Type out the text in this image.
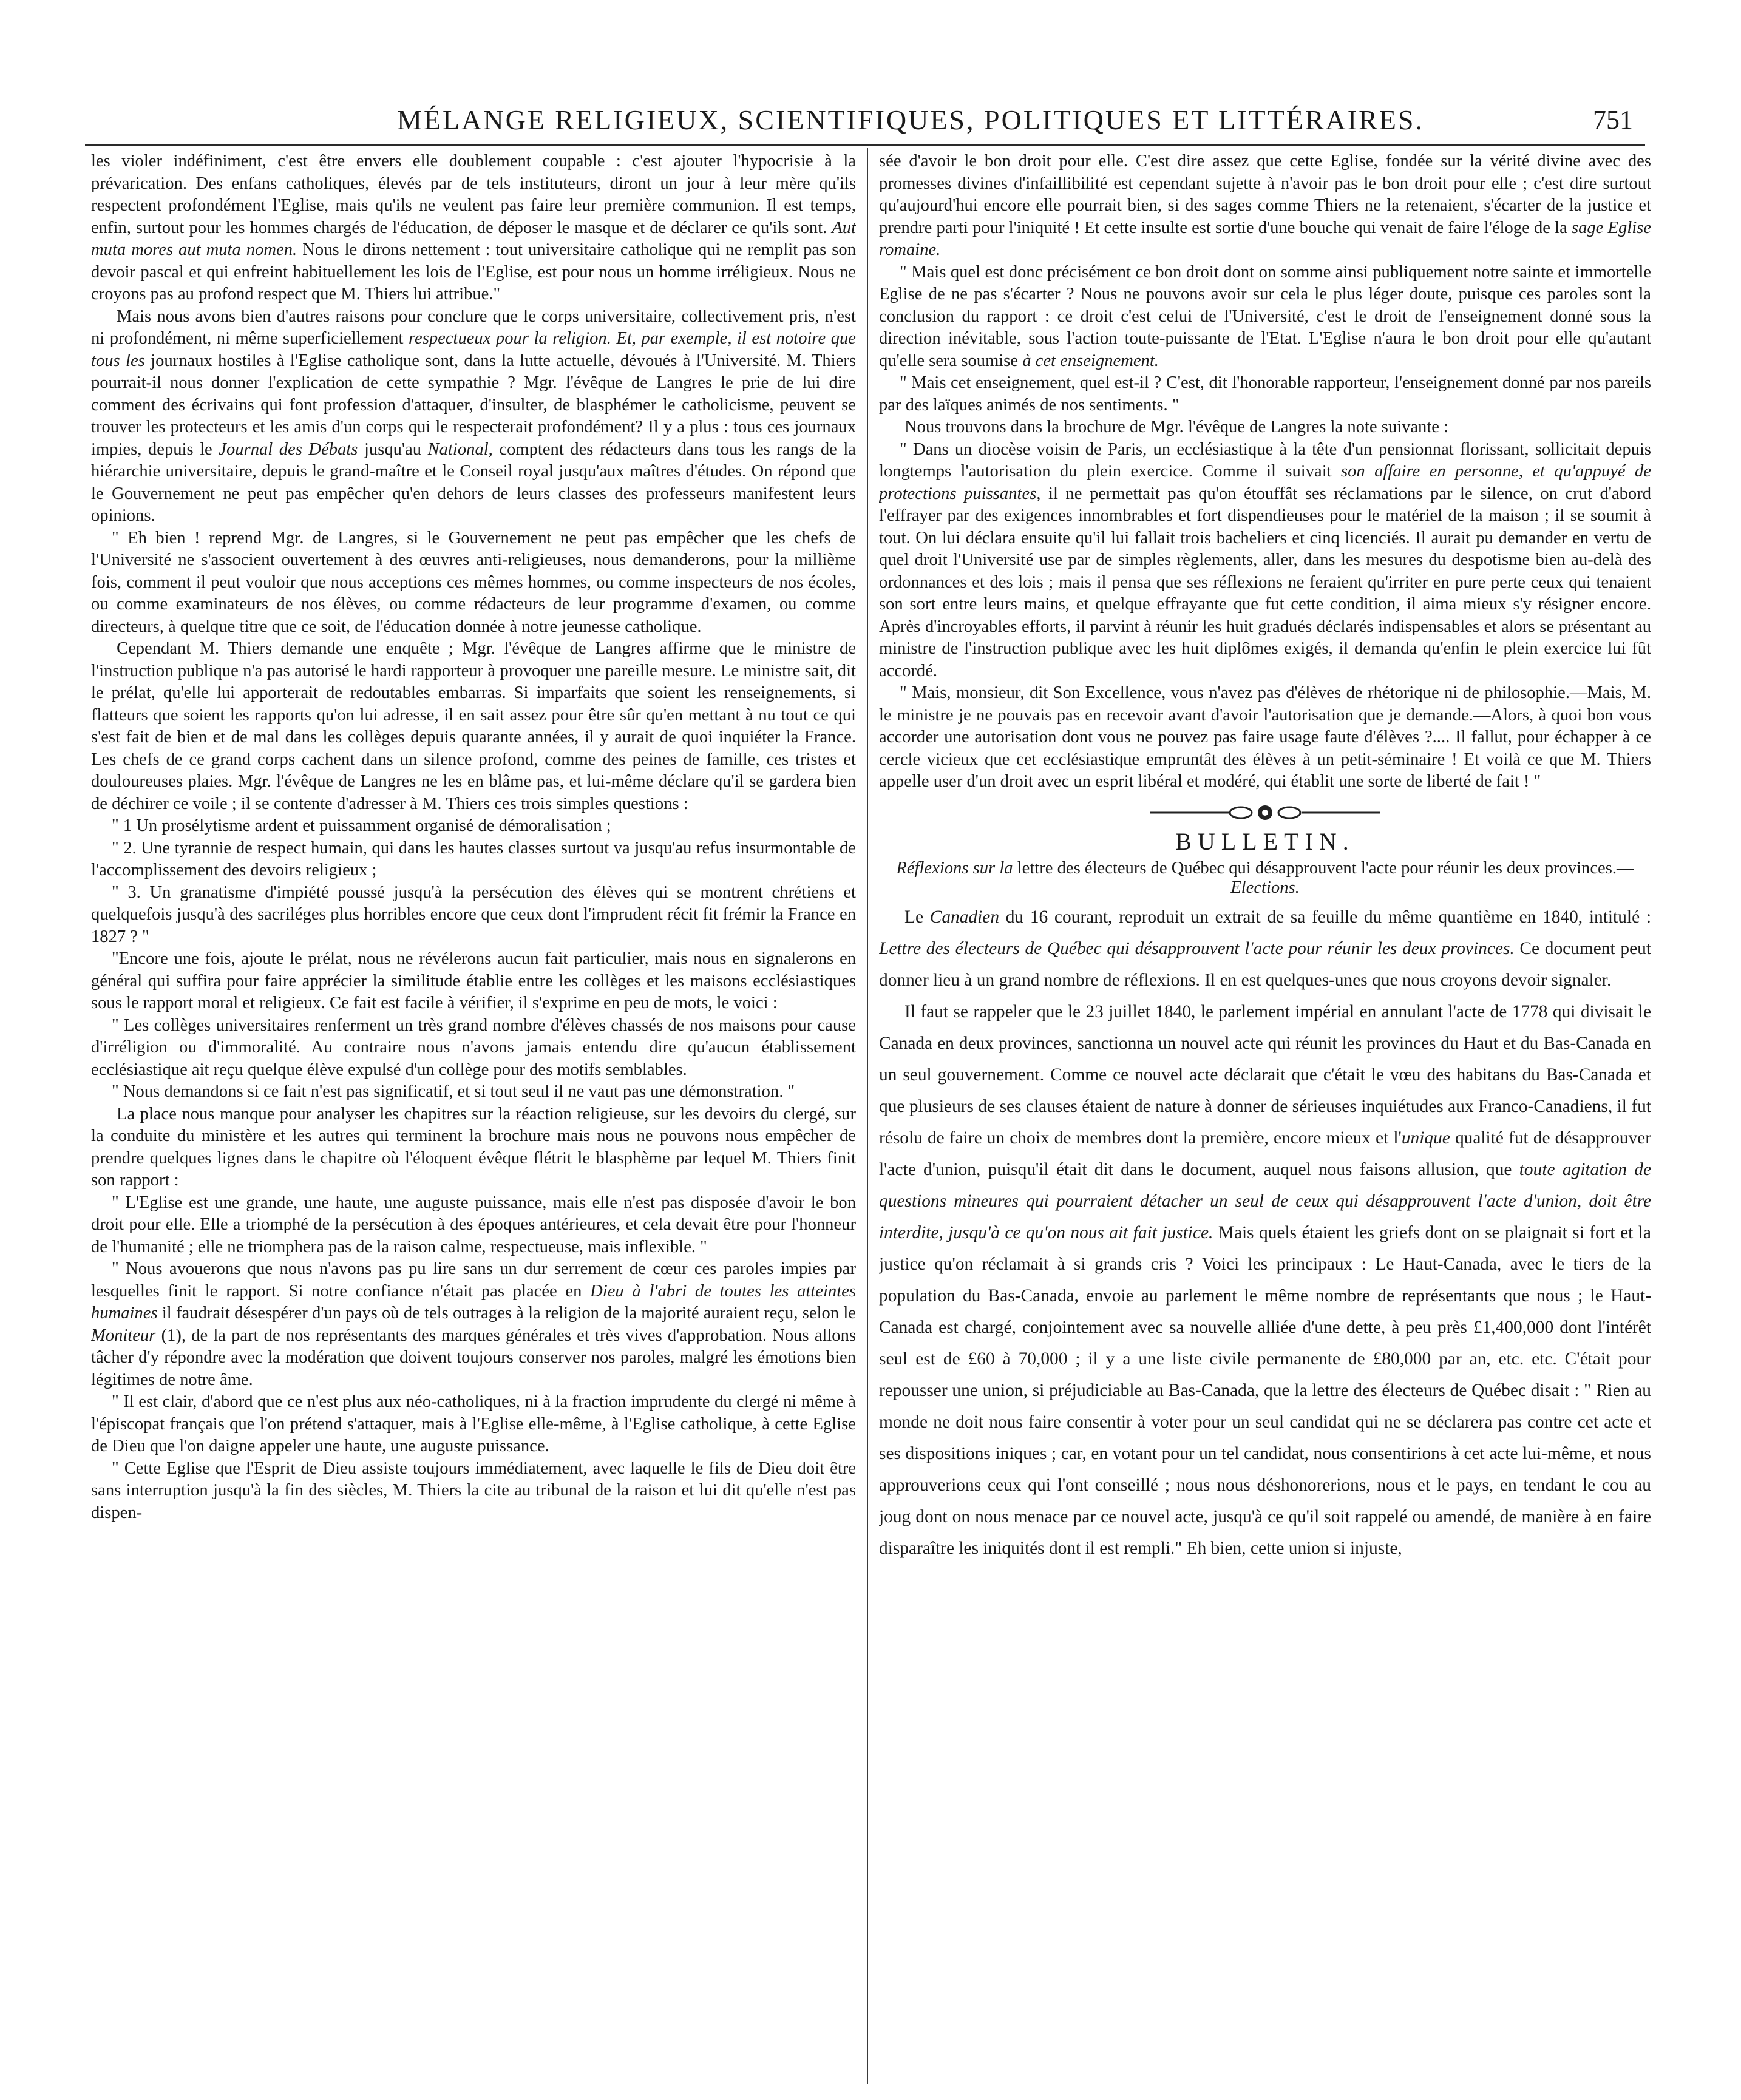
MÉLANGE RELIGIEUX, SCIENTIFIQUES, POLITIQUES ET LITTÉRAIRES.	751

les violer indéfiniment, c'est être envers elle doublement coupable : c'est ajouter l'hypocrisie à la prévarication. Des enfans catholiques, élevés par de tels instituteurs, diront un jour à leur mère qu'ils respectent profondément l'Eglise, mais qu'ils ne veulent pas faire leur première communion. Il est temps, enfin, surtout pour les hommes chargés de l'éducation, de déposer le masque et de déclarer ce qu'ils sont. Aut muta mores aut muta nomen. Nous le dirons nettement : tout universitaire catholique qui ne remplit pas son devoir pascal et qui enfreint habituellement les lois de l'Eglise, est pour nous un homme irréligieux. Nous ne croyons pas au profond respect que M. Thiers lui attribue."

Mais nous avons bien d'autres raisons pour conclure que le corps universitaire, collectivement pris, n'est ni profondément, ni même superficiellement respectueux pour la religion. Et, par exemple, il est notoire que tous les journaux hostiles à l'Eglise catholique sont, dans la lutte actuelle, dévoués à l'Université. M. Thiers pourrait-il nous donner l'explication de cette sympathie ? Mgr. l'évêque de Langres le prie de lui dire comment des écrivains qui font profession d'attaquer, d'insulter, de blasphémer le catholicisme, peuvent se trouver les protecteurs et les amis d'un corps qui le respecterait profondément? Il y a plus : tous ces journaux impies, depuis le Journal des Débats jusqu'au National, comptent des rédacteurs dans tous les rangs de la hiérarchie universitaire, depuis le grand-maître et le Conseil royal jusqu'aux maîtres d'études. On répond que le Gouvernement ne peut pas empêcher qu'en dehors de leurs classes des professeurs manifestent leurs opinions.

" Eh bien ! reprend Mgr. de Langres, si le Gouvernement ne peut pas empêcher que les chefs de l'Université ne s'associent ouvertement à des œuvres anti-religieuses, nous demanderons, pour la millième fois, comment il peut vouloir que nous acceptions ces mêmes hommes, ou comme inspecteurs de nos écoles, ou comme examinateurs de nos élèves, ou comme rédacteurs de leur programme d'examen, ou comme directeurs, à quelque titre que ce soit, de l'éducation donnée à notre jeunesse catholique.

Cependant M. Thiers demande une enquête ; Mgr. l'évêque de Langres affirme que le ministre de l'instruction publique n'a pas autorisé le hardi rapporteur à provoquer une pareille mesure. Le ministre sait, dit le prélat, qu'elle lui apporterait de redoutables embarras. Si imparfaits que soient les renseignements, si flatteurs que soient les rapports qu'on lui adresse, il en sait assez pour être sûr qu'en mettant à nu tout ce qui s'est fait de bien et de mal dans les collèges depuis quarante années, il y aurait de quoi inquiéter la France. Les chefs de ce grand corps cachent dans un silence profond, comme des peines de famille, ces tristes et douloureuses plaies. Mgr. l'évêque de Langres ne les en blâme pas, et lui-même déclare qu'il se gardera bien de déchirer ce voile ; il se contente d'adresser à M. Thiers ces trois simples questions :

" 1 Un prosélytisme ardent et puissamment organisé de démoralisation ;

" 2. Une tyrannie de respect humain, qui dans les hautes classes surtout va jusqu'au refus insurmontable de l'accomplissement des devoirs religieux ;

" 3. Un granatisme d'impiété poussé jusqu'à la persécution des élèves qui se montrent chrétiens et quelquefois jusqu'à des sacriléges plus horribles encore que ceux dont l'imprudent récit fit frémir la France en 1827 ? "

"Encore une fois, ajoute le prélat, nous ne révélerons aucun fait particulier, mais nous en signalerons en général qui suffira pour faire apprécier la similitude établie entre les collèges et les maisons ecclésiastiques sous le rapport moral et religieux. Ce fait est facile à vérifier, il s'exprime en peu de mots, le voici :

" Les collèges universitaires renferment un très grand nombre d'élèves chassés de nos maisons pour cause d'irréligion ou d'immoralité. Au contraire nous n'avons jamais entendu dire qu'aucun établissement ecclésiastique ait reçu quelque élève expulsé d'un collège pour des motifs semblables.

" Nous demandons si ce fait n'est pas significatif, et si tout seul il ne vaut pas une démonstration. "

La place nous manque pour analyser les chapitres sur la réaction religieuse, sur les devoirs du clergé, sur la conduite du ministère et les autres qui terminent la brochure mais nous ne pouvons nous empêcher de prendre quelques lignes dans le chapitre où l'éloquent évêque flétrit le blasphème par lequel M. Thiers finit son rapport :

" L'Eglise est une grande, une haute, une auguste puissance, mais elle n'est pas disposée d'avoir le bon droit pour elle. Elle a triomphé de la persécution à des époques antérieures, et cela devait être pour l'honneur de l'humanité ; elle ne triomphera pas de la raison calme, respectueuse, mais inflexible. "

" Nous avouerons que nous n'avons pas pu lire sans un dur serrement de cœur ces paroles impies par lesquelles finit le rapport. Si notre confiance n'était pas placée en Dieu à l'abri de toutes les atteintes humaines il faudrait désespérer d'un pays où de tels outrages à la religion de la majorité auraient reçu, selon le Moniteur (1), de la part de nos représentants des marques générales et très vives d'approbation. Nous allons tâcher d'y répondre avec la modération que doivent toujours conserver nos paroles, malgré les émotions bien légitimes de notre âme.

" Il est clair, d'abord que ce n'est plus aux néo-catholiques, ni à la fraction imprudente du clergé ni même à l'épiscopat français que l'on prétend s'attaquer, mais à l'Eglise elle-même, à l'Eglise catholique, à cette Eglise de Dieu que l'on daigne appeler une haute, une auguste puissance.

" Cette Eglise que l'Esprit de Dieu assiste toujours immédiatement, avec laquelle le fils de Dieu doit être sans interruption jusqu'à la fin des siècles, M. Thiers la cite au tribunal de la raison et lui dit qu'elle n'est pas dispen-

sée d'avoir le bon droit pour elle. C'est dire assez que cette Eglise, fondée sur la vérité divine avec des promesses divines d'infaillibilité est cependant sujette à n'avoir pas le bon droit pour elle ; c'est dire surtout qu'aujourd'hui encore elle pourrait bien, si des sages comme Thiers ne la retenaient, s'écarter de la justice et prendre parti pour l'iniquité ! Et cette insulte est sortie d'une bouche qui venait de faire l'éloge de la sage Eglise romaine.

" Mais quel est donc précisément ce bon droit dont on somme ainsi publiquement notre sainte et immortelle Eglise de ne pas s'écarter ? Nous ne pouvons avoir sur cela le plus léger doute, puisque ces paroles sont la conclusion du rapport : ce droit c'est celui de l'Université, c'est le droit de l'enseignement donné sous la direction inévitable, sous l'action toute-puissante de l'Etat. L'Eglise n'aura le bon droit pour elle qu'autant qu'elle sera soumise à cet enseignement.

" Mais cet enseignement, quel est-il ? C'est, dit l'honorable rapporteur, l'enseignement donné par nos pareils par des laïques animés de nos sentiments. "

Nous trouvons dans la brochure de Mgr. l'évêque de Langres la note suivante :

" Dans un diocèse voisin de Paris, un ecclésiastique à la tête d'un pensionnat florissant, sollicitait depuis longtemps l'autorisation du plein exercice. Comme il suivait son affaire en personne, et qu'appuyé de protections puissantes, il ne permettait pas qu'on étouffât ses réclamations par le silence, on crut d'abord l'effrayer par des exigences innombrables et fort dispendieuses pour le matériel de la maison ; il se soumit à tout. On lui déclara ensuite qu'il lui fallait trois bacheliers et cinq licenciés. Il aurait pu demander en vertu de quel droit l'Université use par de simples règlements, aller, dans les mesures du despotisme bien au-delà des ordonnances et des lois ; mais il pensa que ses réflexions ne feraient qu'irriter en pure perte ceux qui tenaient son sort entre leurs mains, et quelque effrayante que fut cette condition, il aima mieux s'y résigner encore. Après d'incroyables efforts, il parvint à réunir les huit gradués déclarés indispensables et alors se présentant au ministre de l'instruction publique avec les huit diplômes exigés, il demanda qu'enfin le plein exercice lui fût accordé.

" Mais, monsieur, dit Son Excellence, vous n'avez pas d'élèves de rhétorique ni de philosophie.—Mais, M. le ministre je ne pouvais pas en recevoir avant d'avoir l'autorisation que je demande.—Alors, à quoi bon vous accorder une autorisation dont vous ne pouvez pas faire usage faute d'élèves ?.... Il fallut, pour échapper à ce cercle vicieux que cet ecclésiastique empruntât des élèves à un petit-séminaire ! Et voilà ce que M. Thiers appelle user d'un droit avec un esprit libéral et modéré, qui établit une sorte de liberté de fait ! "

BULLETIN.
Réflexions sur la lettre des électeurs de Québec qui désapprouvent l'acte pour réunir les deux provinces.—Elections.

Le Canadien du 16 courant, reproduit un extrait de sa feuille du même quantième en 1840, intitulé : Lettre des électeurs de Québec qui désapprouvent l'acte pour réunir les deux provinces. Ce document peut donner lieu à un grand nombre de réflexions. Il en est quelques-unes que nous croyons devoir signaler.

Il faut se rappeler que le 23 juillet 1840, le parlement impérial en annulant l'acte de 1778 qui divisait le Canada en deux provinces, sanctionna un nouvel acte qui réunit les provinces du Haut et du Bas-Canada en un seul gouvernement. Comme ce nouvel acte déclarait que c'était le vœu des habitans du Bas-Canada et que plusieurs de ses clauses étaient de nature à donner de sérieuses inquiétudes aux Franco-Canadiens, il fut résolu de faire un choix de membres dont la première, encore mieux et l'unique qualité fut de désapprouver l'acte d'union, puisqu'il était dit dans le document, auquel nous faisons allusion, que toute agitation de questions mineures qui pourraient détacher un seul de ceux qui désapprouvent l'acte d'union, doit être interdite, jusqu'à ce qu'on nous ait fait justice. Mais quels étaient les griefs dont on se plaignait si fort et la justice qu'on réclamait à si grands cris ? Voici les principaux : Le Haut-Canada, avec le tiers de la population du Bas-Canada, envoie au parlement le même nombre de représentants que nous ; le Haut-Canada est chargé, conjointement avec sa nouvelle alliée d'une dette, à peu près £1,400,000 dont l'intérêt seul est de £60 à 70,000 ; il y a une liste civile permanente de £80,000 par an, etc. etc. C'était pour repousser une union, si préjudiciable au Bas-Canada, que la lettre des électeurs de Québec disait : " Rien au monde ne doit nous faire consentir à voter pour un seul candidat qui ne se déclarera pas contre cet acte et ses dispositions iniques ; car, en votant pour un tel candidat, nous consentirions à cet acte lui-même, et nous approuverions ceux qui l'ont conseillé ; nous nous déshonorerions, nous et le pays, en tendant le cou au joug dont on nous menace par ce nouvel acte, jusqu'à ce qu'il soit rappelé ou amendé, de manière à en faire disparaître les iniquités dont il est rempli." Eh bien, cette union si injuste,
